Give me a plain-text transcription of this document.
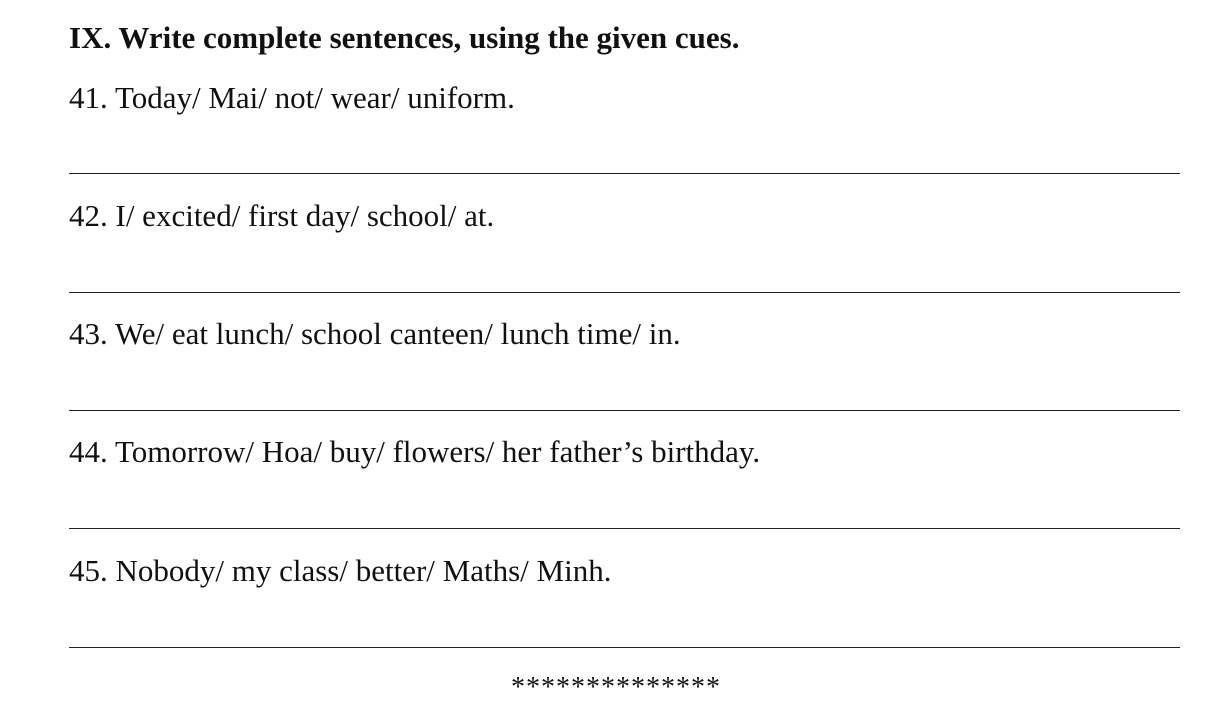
IX. Write complete sentences, using the given cues.
41. Today/ Mai/ not/ wear/ uniform.
42. I/ excited/ first day/ school/ at.
43. We/ eat lunch/ school canteen/ lunch time/ in.
44. Tomorrow/ Hoa/ buy/ flowers/ her father’s birthday.
45. Nobody/ my class/ better/ Maths/ Minh.
**************
